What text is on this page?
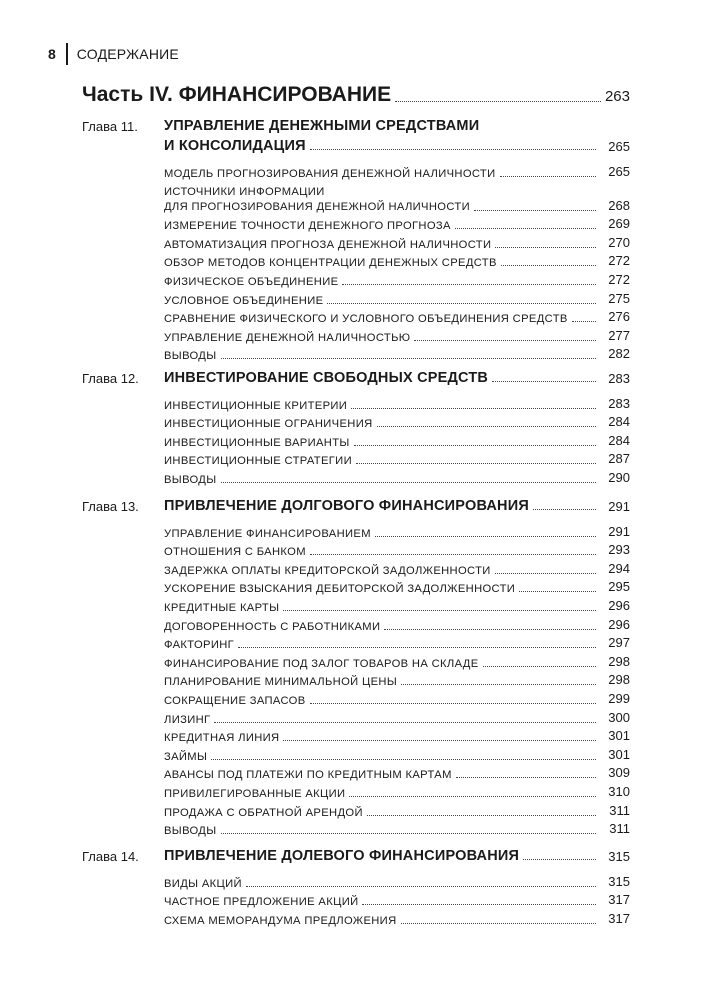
8 СОДЕРЖАНИЕ
Часть IV. ФИНАНСИРОВАНИЕ	263
Глава 11.	УПРАВЛЕНИЕ ДЕНЕЖНЫМИ СРЕДСТВАМИ
И КОНСОЛИДАЦИЯ	265
МОДЕЛЬ ПРОГНОЗИРОВАНИЯ ДЕНЕЖНОЙ НАЛИЧНОСТИ	265
ИСТОЧНИКИ ИНФОРМАЦИИ
ДЛЯ ПРОГНОЗИРОВАНИЯ ДЕНЕЖНОЙ НАЛИЧНОСТИ	268
ИЗМЕРЕНИЕ ТОЧНОСТИ ДЕНЕЖНОГО ПРОГНОЗА	269
АВТОМАТИЗАЦИЯ ПРОГНОЗА ДЕНЕЖНОЙ НАЛИЧНОСТИ	270
ОБЗОР МЕТОДОВ КОНЦЕНТРАЦИИ ДЕНЕЖНЫХ СРЕДСТВ	272
ФИЗИЧЕСКОЕ ОБЪЕДИНЕНИЕ	272
УСЛОВНОЕ ОБЪЕДИНЕНИЕ	275
СРАВНЕНИЕ ФИЗИЧЕСКОГО И УСЛОВНОГО ОБЪЕДИНЕНИЯ СРЕДСТВ	276
УПРАВЛЕНИЕ ДЕНЕЖНОЙ НАЛИЧНОСТЬЮ	277
ВЫВОДЫ	282
Глава 12.	ИНВЕСТИРОВАНИЕ СВОБОДНЫХ СРЕДСТВ	283
ИНВЕСТИЦИОННЫЕ КРИТЕРИИ	283
ИНВЕСТИЦИОННЫЕ ОГРАНИЧЕНИЯ	284
ИНВЕСТИЦИОННЫЕ ВАРИАНТЫ	284
ИНВЕСТИЦИОННЫЕ СТРАТЕГИИ	287
ВЫВОДЫ	290
Глава 13.	ПРИВЛЕЧЕНИЕ ДОЛГОВОГО ФИНАНСИРОВАНИЯ	291
УПРАВЛЕНИЕ ФИНАНСИРОВАНИЕМ	291
ОТНОШЕНИЯ С БАНКОМ	293
ЗАДЕРЖКА ОПЛАТЫ КРЕДИТОРСКОЙ ЗАДОЛЖЕННОСТИ	294
УСКОРЕНИЕ ВЗЫСКАНИЯ ДЕБИТОРСКОЙ ЗАДОЛЖЕННОСТИ	295
КРЕДИТНЫЕ КАРТЫ	296
ДОГОВОРЕННОСТЬ С РАБОТНИКАМИ	296
ФАКТОРИНГ	297
ФИНАНСИРОВАНИЕ ПОД ЗАЛОГ ТОВАРОВ НА СКЛАДЕ	298
ПЛАНИРОВАНИЕ МИНИМАЛЬНОЙ ЦЕНЫ	298
СОКРАЩЕНИЕ ЗАПАСОВ	299
ЛИЗИНГ	300
КРЕДИТНАЯ ЛИНИЯ	301
ЗАЙМЫ	301
АВАНСЫ ПОД ПЛАТЕЖИ ПО КРЕДИТНЫМ КАРТАМ	309
ПРИВИЛЕГИРОВАННЫЕ АКЦИИ	310
ПРОДАЖА С ОБРАТНОЙ АРЕНДОЙ	311
ВЫВОДЫ	311
Глава 14.	ПРИВЛЕЧЕНИЕ ДОЛЕВОГО ФИНАНСИРОВАНИЯ	315
ВИДЫ АКЦИЙ	315
ЧАСТНОЕ ПРЕДЛОЖЕНИЕ АКЦИЙ	317
СХЕМА МЕМОРАНДУМА ПРЕДЛОЖЕНИЯ	317
